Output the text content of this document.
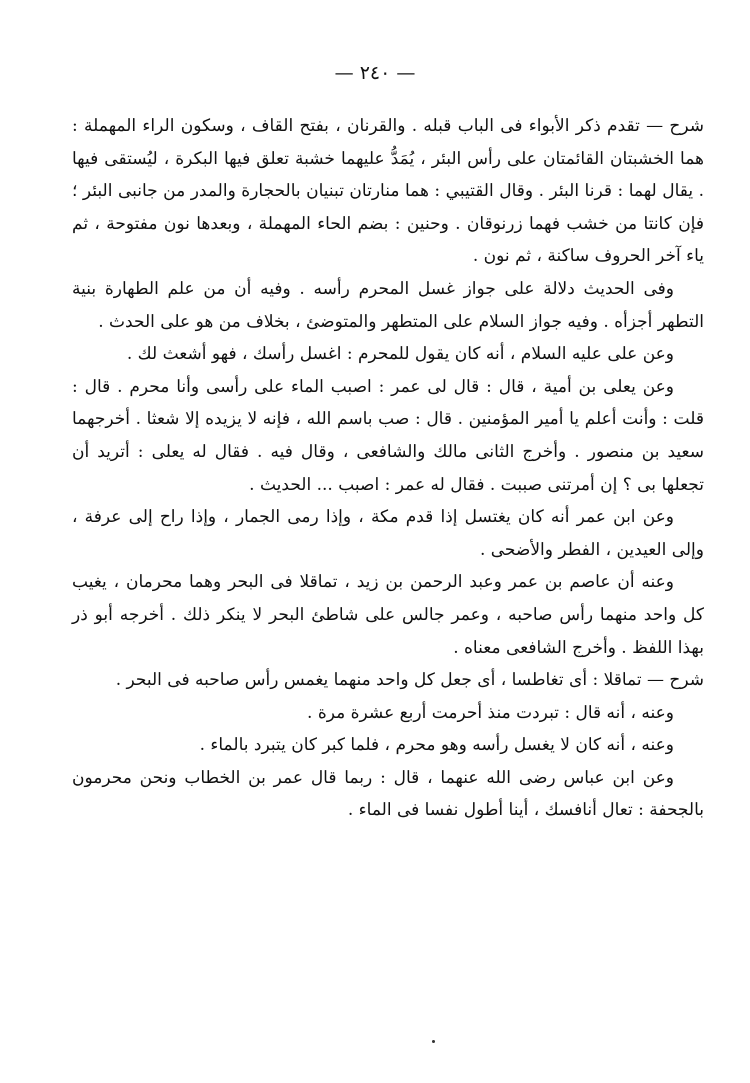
— ٢٤٠ —

شرح — تقدم ذكر الأبواء فى الباب قبله . والقرنان ، بفتح القاف ، وسكون الراء المهملة : هما الخشبتان القائمتان على رأس البئر ، يُمَدُّ عليهما خشبة تعلق فيها البكرة ، ليُستقى فيها . يقال لهما : قرنا البئر . وقال القتيبي : هما منارتان تبنيان بالحجارة والمدر من جانبى البئر ؛ فإن كانتا من خشب فهما زرنوقان . وحنين : بضم الحاء المهملة ، وبعدها نون مفتوحة ، ثم ياء آخر الحروف ساكنة ، ثم نون .

وفى الحديث دلالة على جواز غسل المحرم رأسه . وفيه أن من علم الطهارة بنية التطهر أجزأه . وفيه جواز السلام على المتطهر والمتوضئ ، بخلاف من هو على الحدث .

وعن على عليه السلام ، أنه كان يقول للمحرم : اغسل رأسك ، فهو أشعث لك .

وعن يعلى بن أمية ، قال : قال لى عمر : اصبب الماء على رأسى وأنا محرم . قال : قلت : وأنت أعلم يا أمير المؤمنين . قال : صب باسم الله ، فإنه لا يزيده إلا شعثا . أخرجهما سعيد بن منصور . وأخرج الثانى مالك والشافعى ، وقال فيه . فقال له يعلى : أتريد أن تجعلها بى ؟ إن أمرتنى صببت . فقال له عمر : اصبب ... الحديث .

وعن ابن عمر أنه كان يغتسل إذا قدم مكة ، وإذا رمى الجمار ، وإذا راح إلى عرفة ، وإلى العيدين ، الفطر والأضحى .

وعنه أن عاصم بن عمر وعبد الرحمن بن زيد ، تماقلا فى البحر وهما محرمان ، يغيب كل واحد منهما رأس صاحبه ، وعمر جالس على شاطئ البحر لا ينكر ذلك . أخرجه أبو ذر بهذا اللفظ . وأخرج الشافعى معناه .

شرح — تماقلا : أى تغاطسا ، أى جعل كل واحد منهما يغمس رأس صاحبه فى البحر .

وعنه ، أنه قال : تبردت منذ أحرمت أربع عشرة مرة .

وعنه ، أنه كان لا يغسل رأسه وهو محرم ، فلما كبر كان يتبرد بالماء .

وعن ابن عباس رضى الله عنهما ، قال : ربما قال عمر بن الخطاب ونحن محرمون بالجحفة : تعال أنافسك ، أينا أطول نفسا فى الماء .
